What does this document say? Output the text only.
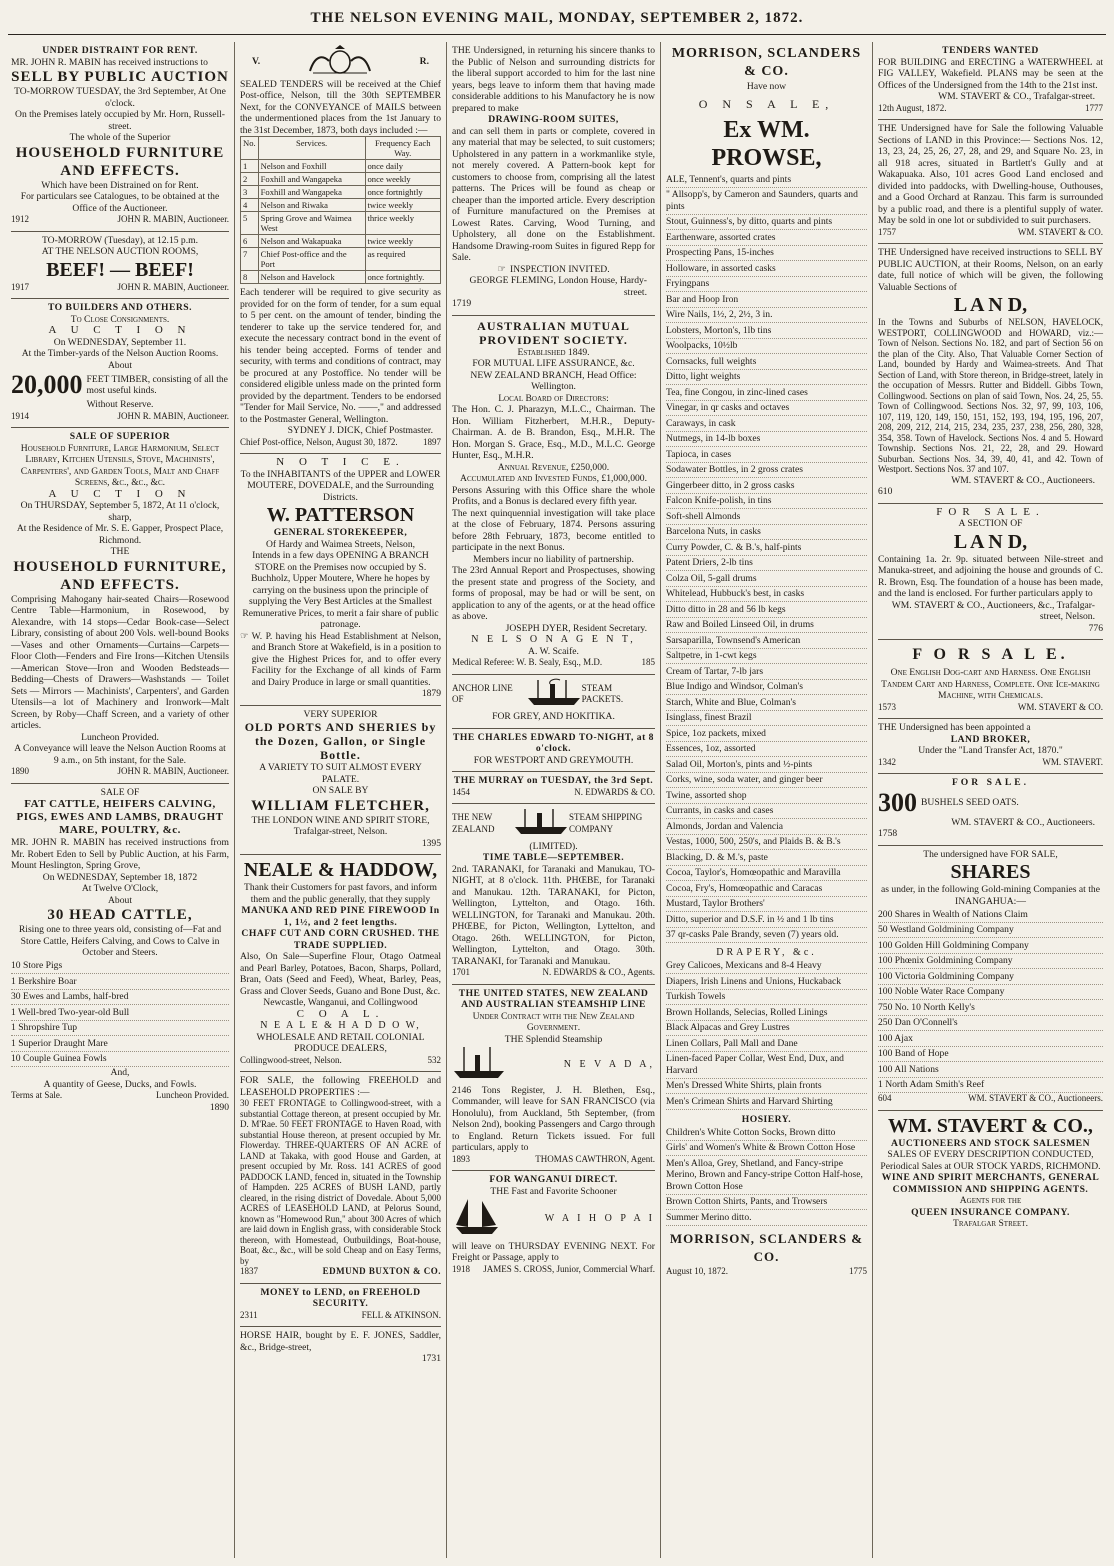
THE NELSON EVENING MAIL, MONDAY, SEPTEMBER 2, 1872.
UNDER DISTRAINT FOR RENT.
MR. JOHN R. MABIN has received instructions to
SELL BY PUBLIC AUCTION
TO-MORROW TUESDAY, the 3rd September, At One o'clock.
On the Premises lately occupied by Mr. Horn, Russell-street.
The whole of the Superior
HOUSEHOLD FURNITURE AND EFFECTS.
Which have been Distrained on for Rent.
For particulars see Catalogues, to be obtained at the Office of the Auctioneer.
1912	JOHN R. MABIN, Auctioneer.
TO-MORROW (Tuesday), at 12.15 p.m.
AT THE NELSON AUCTION ROOMS,
BEEF! — BEEF!
1917	JOHN R. MABIN, Auctioneer.
TO BUILDERS AND OTHERS.
To Close Consignments.
A U C T I O N
On WEDNESDAY, September 11.
At the Timber-yards of the Nelson Auction Rooms.
About
20,000 FEET TIMBER, consisting of all the most useful kinds.
Without Reserve.
1914	JOHN R. MABIN, Auctioneer.
SALE OF SUPERIOR
Household Furniture, Large Harmonium, Select Library, Kitchen Utensils, Stove, Machinists', Carpenters', and Garden Tools, Malt and Chaff Screens, &c., &c., &c.
A U C T I O N
On THURSDAY, September 5, 1872, At 11 o'clock, sharp,
At the Residence of Mr. S. E. Gapper, Prospect Place, Richmond.
THE
HOUSEHOLD FURNITURE, AND EFFECTS.
Comprising Mahogany hair-seated Chairs—Rosewood Centre Table—Harmonium, in Rosewood, by Alexandre, with 14 stops—Cedar Book-case—Select Library, consisting of about 200 Vols. well-bound Books—Vases and other Ornaments—Curtains—Carpets—Floor Cloth—Fenders and Fire Irons—Kitchen Utensils—American Stove—Iron and Wooden Bedsteads—Bedding—Chests of Drawers—Washstands — Toilet Sets — Mirrors — Machinists', Carpenters', and Garden Utensils—a lot of Machinery and Ironwork—Malt Screen, by Roby—Chaff Screen, and a variety of other articles.
Luncheon Provided.
A Conveyance will leave the Nelson Auction Rooms at 9 a.m., on 5th instant, for the Sale.
1890	JOHN R. MABIN, Auctioneer.
SALE OF
FAT CATTLE, HEIFERS CALVING, PIGS, EWES AND LAMBS, DRAUGHT MARE, POULTRY, &c.
MR. JOHN R. MABIN has received instructions from Mr. Robert Eden to Sell by Public Auction, at his Farm, Mount Heslington, Spring Grove,
On WEDNESDAY, September 18, 1872
At Twelve O'Clock,
About
30 HEAD CATTLE,
Rising one to three years old, consisting of—Fat and Store Cattle, Heifers Calving, and Cows to Calve in October and Steers.
10 Store Pigs
1 Berkshire Boar
30 Ewes and Lambs, half-bred
1 Well-bred Two-year-old Bull
1 Shropshire Tup
1 Superior Draught Mare
10 Couple Guinea Fowls
And,
A quantity of Geese, Ducks, and Fowls.
Terms at Sale.	Luncheon Provided.
1890
V.	R.
SEALED TENDERS will be received at the Chief Post-office, Nelson, till the 30th SEPTEMBER Next, for the CONVEYANCE of MAILS between the undermentioned places from the 1st January to the 31st December, 1873, both days included :—
No.	Services.	Frequency Each Way.
1	Nelson and Foxhill	once daily
2	Foxhill and Wangapeka	once weekly
3	Foxhill and Wangapeka	once fortnightly
4	Nelson and Riwaka	twice weekly
5	Spring Grove and Waimea West	thrice weekly
6	Nelson and Wakapuaka	twice weekly
7	Chief Post-office and the Port	as required
8	Nelson and Havelock	once fortnightly.
Each tenderer will be required to give security as provided for on the form of tender, for a sum equal to 5 per cent. on the amount of tender, binding the tenderer to take up the service tendered for, and execute the necessary contract bond in the event of his tender being accepted. Forms of tender and security, with terms and conditions of contract, may be procured at any Postoffice. No tender will be considered eligible unless made on the printed form provided by the department. Tenders to be endorsed "Tender for Mail Service, No. ——," and addressed to the Postmaster General, Wellington.
SYDNEY J. DICK, Chief Postmaster.
Chief Post-office, Nelson, August 30, 1872.	1897
N O T I C E.
To the INHABITANTS of the UPPER and LOWER MOUTERE, DOVEDALE, and the Surrounding Districts.
W. PATTERSON
GENERAL STOREKEEPER,
Of Hardy and Waimea Streets, Nelson,
Intends in a few days OPENING A BRANCH STORE on the Premises now occupied by S. Buchholz, Upper Moutere, Where he hopes by carrying on the business upon the principle of supplying the Very Best Articles at the Smallest Remunerative Prices, to merit a fair share of public patronage.
☞ W. P. having his Head Establishment at Nelson, and Branch Store at Wakefield, is in a position to give the Highest Prices for, and to offer every Facility for the Exchange of all kinds of Farm and Dairy Produce in large or small quantities.
1879
VERY SUPERIOR
OLD PORTS AND SHERIES by the Dozen, Gallon, or Single Bottle.
A VARIETY TO SUIT ALMOST EVERY PALATE.
ON SALE BY
WILLIAM FLETCHER,
THE LONDON WINE AND SPIRIT STORE, Trafalgar-street, Nelson.
1395
NEALE & HADDOW,
Thank their Customers for past favors, and inform them and the public generally, that they supply
MANUKA AND RED PINE FIREWOOD In 1, 1½, and 2 feet lengths.
CHAFF CUT AND CORN CRUSHED. THE TRADE SUPPLIED.
Also, On Sale—Superfine Flour, Otago Oatmeal and Pearl Barley, Potatoes, Bacon, Sharps, Pollard, Bran, Oats (Seed and Feed), Wheat, Barley, Peas, Grass and Clover Seeds, Guano and Bone Dust, &c.
Newcastle, Wanganui, and Collingwood
C O A L.
N E A L E & H A D D O W,
WHOLESALE AND RETAIL COLONIAL PRODUCE DEALERS,
Collingwood-street, Nelson.	532
FOR SALE, the following FREEHOLD and LEASEHOLD PROPERTIES :—
30 FEET FRONTAGE to Collingwood-street, with a substantial Cottage thereon, at present occupied by Mr. D. M'Rae. 50 FEET FRONTAGE to Haven Road, with substantial House thereon, at present occupied by Mr. Flowerday. THREE-QUARTERS OF AN ACRE of LAND at Takaka, with good House and Garden, at present occupied by Mr. Ross. 141 ACRES of good PADDOCK LAND, fenced in, situated in the Township of Hampden. 225 ACRES of BUSH LAND, partly cleared, in the rising district of Dovedale. About 5,000 ACRES of LEASEHOLD LAND, at Pelorus Sound, known as "Homewood Run," about 300 Acres of which are laid down in English grass, with considerable Stock thereon, with Homestead, Outbuildings, Boat-house, Boat, &c., &c., will be sold Cheap and on Easy Terms, by
1837	EDMUND BUXTON & CO.
MONEY to LEND, on FREEHOLD SECURITY.
2311	FELL & ATKINSON.
HORSE HAIR, bought by E. F. JONES, Saddler, &c., Bridge-street,
1731
THE Undersigned, in returning his sincere thanks to the Public of Nelson and surrounding districts for the liberal support accorded to him for the last nine years, begs leave to inform them that having made considerable additions to his Manufactory he is now prepared to make
DRAWING-ROOM SUITES,
and can sell them in parts or complete, covered in any material that may be selected, to suit customers; Upholstered in any pattern in a workmanlike style, not merely covered. A Pattern-book kept for customers to choose from, comprising all the latest patterns. The Prices will be found as cheap or cheaper than the imported article. Every description of Furniture manufactured on the Premises at Lowest Rates. Carving, Wood Turning, and Upholstery, all done on the Establishment. Handsome Drawing-room Suites in figured Repp for Sale.
☞ INSPECTION INVITED.
GEORGE FLEMING, London House, Hardy-street.
1719
AUSTRALIAN MUTUAL PROVIDENT SOCIETY.
Established 1849.
FOR MUTUAL LIFE ASSURANCE, &c.
NEW ZEALAND BRANCH, Head Office: Wellington.
Local Board of Directors:
The Hon. C. J. Pharazyn, M.L.C., Chairman. The Hon. William Fitzherbert, M.H.R., Deputy-Chairman. A. de B. Brandon, Esq., M.H.R. The Hon. Morgan S. Grace, Esq., M.D., M.L.C. George Hunter, Esq., M.H.R.
Annual Revenue, £250,000.
Accumulated and Invested Funds, £1,000,000.
Persons Assuring with this Office share the whole Profits, and a Bonus is declared every fifth year.
The next quinquennial investigation will take place at the close of February, 1874. Persons assuring before 28th February, 1873, become entitled to participate in the next Bonus.
Members incur no liability of partnership.
The 23rd Annual Report and Prospectuses, showing the present state and progress of the Society, and forms of proposal, may be had or will be sent, on application to any of the agents, or at the head office as above.
JOSEPH DYER, Resident Secretary.
N E L S O N A G E N T,
A. W. Scaife.
Medical Referee: W. B. Sealy, Esq., M.D.	185
ANCHOR LINE OF
STEAM PACKETS.
FOR GREY, AND HOKITIKA.
THE CHARLES EDWARD TO-NIGHT, at 8 o'clock.
FOR WESTPORT AND GREYMOUTH.
THE MURRAY on TUESDAY, the 3rd Sept.
1454	N. EDWARDS & CO.
THE NEW ZEALAND
STEAM SHIPPING COMPANY
(LIMITED).
TIME TABLE—SEPTEMBER.
2nd. TARANAKI, for Taranaki and Manukau, TO-NIGHT, at 8 o'clock. 11th. PHŒBE, for Taranaki and Manukau. 12th. TARANAKI, for Picton, Wellington, Lyttelton, and Otago. 16th. WELLINGTON, for Taranaki and Manukau. 20th. PHŒBE, for Picton, Wellington, Lyttelton, and Otago. 26th. WELLINGTON, for Picton, Wellington, Lyttelton, and Otago. 30th. TARANAKI, for Taranaki and Manukau.
1701	N. EDWARDS & CO., Agents.
THE UNITED STATES, NEW ZEALAND AND AUSTRALIAN STEAMSHIP LINE
Under Contract with the New Zealand Government.
THE Splendid Steamship
N E V A D A,
2146 Tons Register, J. H. Blethen, Esq., Commander, will leave for SAN FRANCISCO (via Honolulu), from Auckland, 5th September, (from Nelson 2nd), booking Passengers and Cargo through to England. Return Tickets issued. For full particulars, apply to
1893	THOMAS CAWTHRON, Agent.
FOR WANGANUI DIRECT.
THE Fast and Favorite Schooner
W A I H O P A I
will leave on THURSDAY EVENING NEXT. For Freight or Passage, apply to
1918 JAMES S. CROSS, Junior, Commercial Wharf.
MORRISON, SCLANDERS & CO.
Have now
O N S A L E,
Ex WM. PROWSE,
ALE, Tennent's, quarts and pints
" Allsopp's, by Cameron and Saunders, quarts and pints
Stout, Guinness's, by ditto, quarts and pints
Earthenware, assorted crates
Prospecting Pans, 15-inches
Holloware, in assorted casks
Fryingpans
Bar and Hoop Iron
Wire Nails, 1½, 2, 2½, 3 in.
Lobsters, Morton's, 1lb tins
Woolpacks, 10½lb
Cornsacks, full weights
Ditto, light weights
Tea, fine Congou, in zinc-lined cases
Vinegar, in qr casks and octaves
Caraways, in cask
Nutmegs, in 14-lb boxes
Tapioca, in cases
Sodawater Bottles, in 2 gross crates
Gingerbeer ditto, in 2 gross casks
Falcon Knife-polish, in tins
Soft-shell Almonds
Barcelona Nuts, in casks
Curry Powder, C. & B.'s, half-pints
Patent Driers, 2-lb tins
Colza Oil, 5-gall drums
Whitelead, Hubbuck's best, in casks
Ditto ditto in 28 and 56 lb kegs
Raw and Boiled Linseed Oil, in drums
Sarsaparilla, Townsend's American
Saltpetre, in 1-cwt kegs
Cream of Tartar, 7-lb jars
Blue Indigo and Windsor, Colman's
Starch, White and Blue, Colman's
Isinglass, finest Brazil
Spice, 1oz packets, mixed
Essences, 1oz, assorted
Salad Oil, Morton's, pints and ½-pints
Corks, wine, soda water, and ginger beer
Twine, assorted shop
Currants, in casks and cases
Almonds, Jordan and Valencia
Vestas, 1000, 500, 250's, and Plaids B. & B.'s
Blacking, D. & M.'s, paste
Cocoa, Taylor's, Homœopathic and Maravilla
Cocoa, Fry's, Homœopathic and Caracas
Mustard, Taylor Brothers'
Ditto, superior and D.S.F. in ½ and 1 lb tins
37 qr-casks Pale Brandy, seven (7) years old.
DRAPERY, &c.
Grey Calicoes, Mexicans and 8-4 Heavy
Diapers, Irish Linens and Unions, Huckaback
Turkish Towels
Brown Hollands, Selecias, Rolled Linings
Black Alpacas and Grey Lustres
Linen Collars, Pall Mall and Dane
Linen-faced Paper Collar, West End, Dux, and Harvard
Men's Dressed White Shirts, plain fronts
Men's Crimean Shirts and Harvard Shirting
HOSIERY.
Children's White Cotton Socks, Brown ditto
Girls' and Women's White & Brown Cotton Hose
Men's Alloa, Grey, Shetland, and Fancy-stripe Merino, Brown and Fancy-stripe Cotton Half-hose, Brown Cotton Hose
Brown Cotton Shirts, Pants, and Trowsers
Summer Merino ditto.
MORRISON, SCLANDERS & CO.
August 10, 1872.	1775
TENDERS WANTED
FOR BUILDING and ERECTING a WATERWHEEL at FIG VALLEY, Wakefield. PLANS may be seen at the Offices of the Undersigned from the 14th to the 21st inst.
WM. STAVERT & CO., Trafalgar-street.
12th August, 1872.	1777
THE Undersigned have for Sale the following Valuable Sections of LAND in this Province:— Sections Nos. 12, 13, 23, 24, 25, 26, 27, 28, and 29, and Square No. 23, in all 918 acres, situated in Bartlett's Gully and at Wakapuaka. Also, 101 acres Good Land enclosed and divided into paddocks, with Dwelling-house, Outhouses, and a Good Orchard at Ranzau. This farm is surrounded by a public road, and there is a plentiful supply of water. May be sold in one lot or subdivided to suit purchasers.
1757	WM. STAVERT & CO.
THE Undersigned have received instructions to SELL BY PUBLIC AUCTION, at their Rooms, Nelson, on an early date, full notice of which will be given, the following Valuable Sections of
L A N D,
In the Towns and Suburbs of NELSON, HAVELOCK, WESTPORT, COLLINGWOOD and HOWARD, viz.:— Town of Nelson. Sections No. 182, and part of Section 56 on the plan of the City. Also, That Valuable Corner Section of Land, bounded by Hardy and Waimea-streets. And That Section of Land, with Store thereon, in Bridge-street, lately in the occupation of Messrs. Rutter and Biddell. Gibbs Town, Collingwood. Sections on plan of said Town, Nos. 24, 25, 55. Town of Collingwood. Sections Nos. 32, 97, 99, 103, 106, 107, 119, 120, 149, 150, 151, 152, 193, 194, 195, 196, 207, 208, 209, 212, 214, 215, 234, 235, 237, 238, 256, 280, 328, 354, 358. Town of Havelock. Sections Nos. 4 and 5. Howard Township. Sections Nos. 21, 22, 28, and 29. Howard Suburban. Sections Nos. 34, 39, 40, 41, and 42. Town of Westport. Sections Nos. 37 and 107.
WM. STAVERT & CO., Auctioneers.
610
FOR SALE.
A SECTION OF
L A N D,
Containing 1a. 2r. 9p. situated between Nile-street and Manuka-street, and adjoining the house and grounds of C. R. Brown, Esq. The foundation of a house has been made, and the land is enclosed. For further particulars apply to
WM. STAVERT & CO., Auctioneers, &c., Trafalgar-street, Nelson.
776
F O R S A L E.
One English Dog-cart and Harness. One English Tandem Cart and Harness, Complete. One Ice-making Machine, with Chemicals.
1573	WM. STAVERT & CO.
THE Undersigned has been appointed a
LAND BROKER,
Under the "Land Transfer Act, 1870."
1342	WM. STAVERT.
FOR SALE.
300 BUSHELS SEED OATS.
WM. STAVERT & CO., Auctioneers.
1758
The undersigned have FOR SALE,
SHARES
as under, in the following Gold-mining Companies at the INANGAHUA:—
200 Shares in Wealth of Nations Claim
50 Westland Goldmining Company
100 Golden Hill Goldmining Company
100 Phœnix Goldmining Company
100 Victoria Goldmining Company
100 Noble Water Race Company
750 No. 10 North Kelly's
250 Dan O'Connell's
100 Ajax
100 Band of Hope
100 All Nations
1 North Adam Smith's Reef
604	WM. STAVERT & CO., Auctioneers.
WM. STAVERT & CO.,
AUCTIONEERS AND STOCK SALESMEN
SALES OF EVERY DESCRIPTION CONDUCTED, Periodical Sales at OUR STOCK YARDS, RICHMOND.
WINE AND SPIRIT MERCHANTS, GENERAL COMMISSION AND SHIPPING AGENTS.
Agents for the
QUEEN INSURANCE COMPANY.
Trafalgar Street.
